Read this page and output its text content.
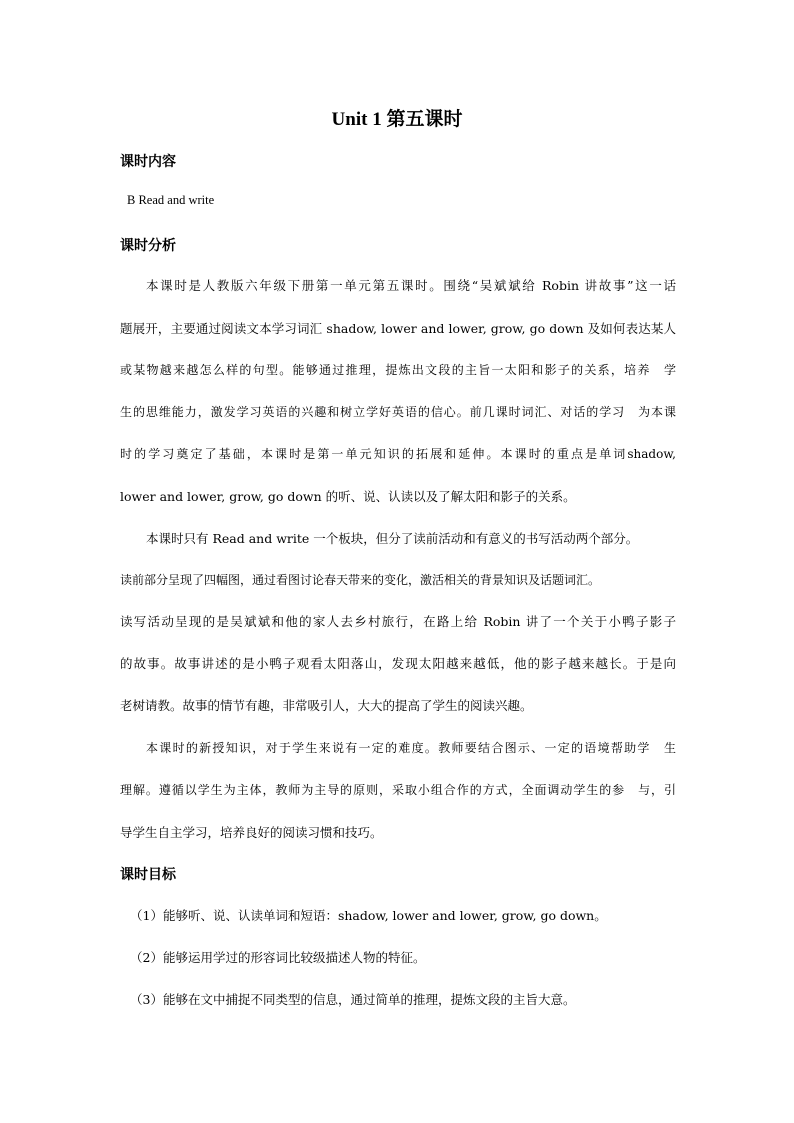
Unit 1 第五课时
课时内容
B Read and write
课时分析
本课时是人教版六年级下册第一单元第五课时。围绕“吴斌斌给 Robin 讲故事”这一话
题展开，主要通过阅读文本学习词汇 shadow, lower and lower, grow, go down 及如何表达某人
或某物越来越怎么样的句型。能够通过推理，提炼出文段的主旨一太阳和影子的关系，培养　学
生的思维能力，激发学习英语的兴趣和树立学好英语的信心。前几课时词汇、对话的学习　为本课
时的学习奠定了基础，本课时是第一单元知识的拓展和延伸。本课时的重点是单词shadow,
lower and lower, grow, go down 的听、说、认读以及了解太阳和影子的关系。
本课时只有 Read and write 一个板块，但分了读前活动和有意义的书写活动两个部分。
读前部分呈现了四幅图，通过看图讨论春天带来的变化，激活相关的背景知识及话题词汇。
读写活动呈现的是吴斌斌和他的家人去乡村旅行，在路上给 Robin 讲了一个关于小鸭子影子
的故事。故事讲述的是小鸭子观看太阳落山，发现太阳越来越低，他的影子越来越长。于是向
老树请教。故事的情节有趣，非常吸引人，大大的提高了学生的阅读兴趣。
本课时的新授知识，对于学生来说有一定的难度。教师要结合图示、一定的语境帮助学　生
理解。遵循以学生为主体，教师为主导的原则，采取小组合作的方式，全面调动学生的参　与，引
导学生自主学习，培养良好的阅读习惯和技巧。
课时目标
（1）能够听、说、认读单词和短语：shadow, lower and lower, grow, go down。
（2）能够运用学过的形容词比较级描述人物的特征。
（3）能够在文中捕捉不同类型的信息，通过简单的推理，提炼文段的主旨大意。
